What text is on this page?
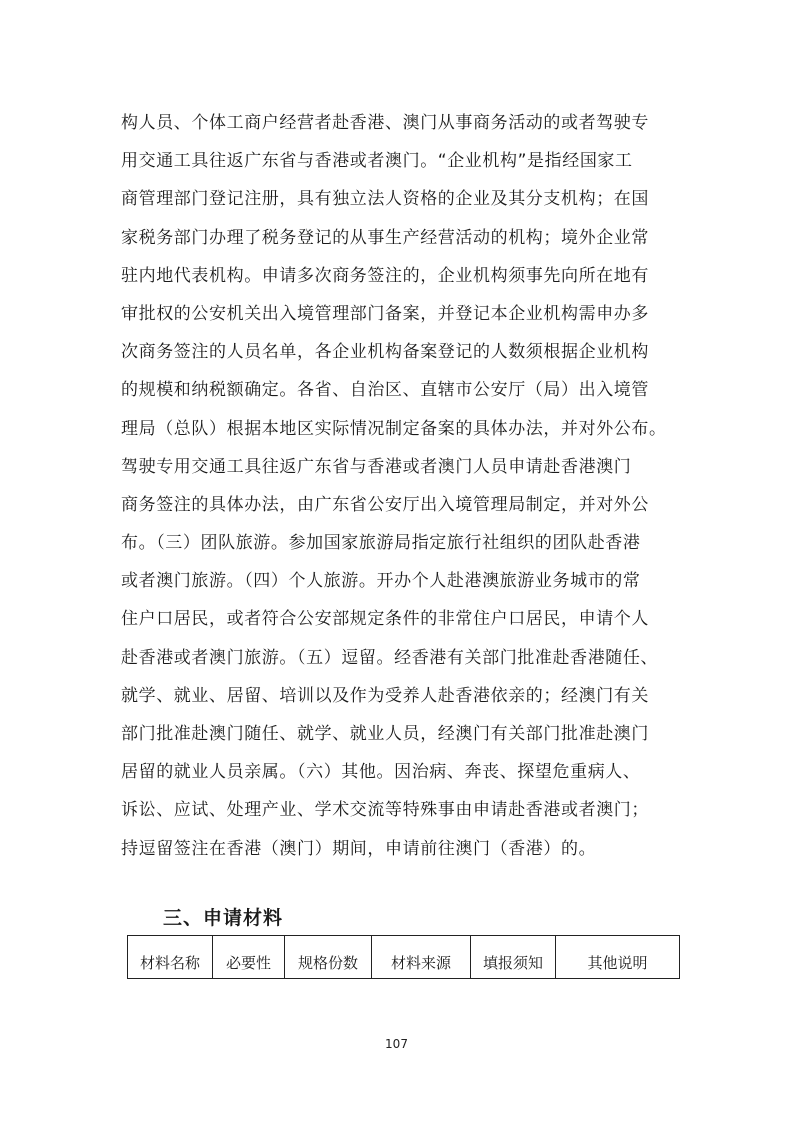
构人员、个体工商户经营者赴香港、澳门从事商务活动的或者驾驶专
用交通工具往返广东省与香港或者澳门。“企业机构”是指经国家工
商管理部门登记注册，具有独立法人资格的企业及其分支机构；在国
家税务部门办理了税务登记的从事生产经营活动的机构；境外企业常
驻内地代表机构。申请多次商务签注的，企业机构须事先向所在地有
审批权的公安机关出入境管理部门备案，并登记本企业机构需申办多
次商务签注的人员名单，各企业机构备案登记的人数须根据企业机构
的规模和纳税额确定。各省、自治区、直辖市公安厅（局）出入境管
理局（总队）根据本地区实际情况制定备案的具体办法，并对外公布。
驾驶专用交通工具往返广东省与香港或者澳门人员申请赴香港澳门
商务签注的具体办法，由广东省公安厅出入境管理局制定，并对外公
布。（三）团队旅游。参加国家旅游局指定旅行社组织的团队赴香港
或者澳门旅游。（四）个人旅游。开办个人赴港澳旅游业务城市的常
住户口居民，或者符合公安部规定条件的非常住户口居民，申请个人
赴香港或者澳门旅游。（五）逗留。经香港有关部门批准赴香港随任、
就学、就业、居留、培训以及作为受养人赴香港依亲的；经澳门有关
部门批准赴澳门随任、就学、就业人员，经澳门有关部门批准赴澳门
居留的就业人员亲属。（六）其他。因治病、奔丧、探望危重病人、
诉讼、应试、处理产业、学术交流等特殊事由申请赴香港或者澳门；
持逗留签注在香港（澳门）期间，申请前往澳门（香港）的。
三、申请材料
材料名称	必要性	规格份数	材料来源	填报须知	其他说明
107
